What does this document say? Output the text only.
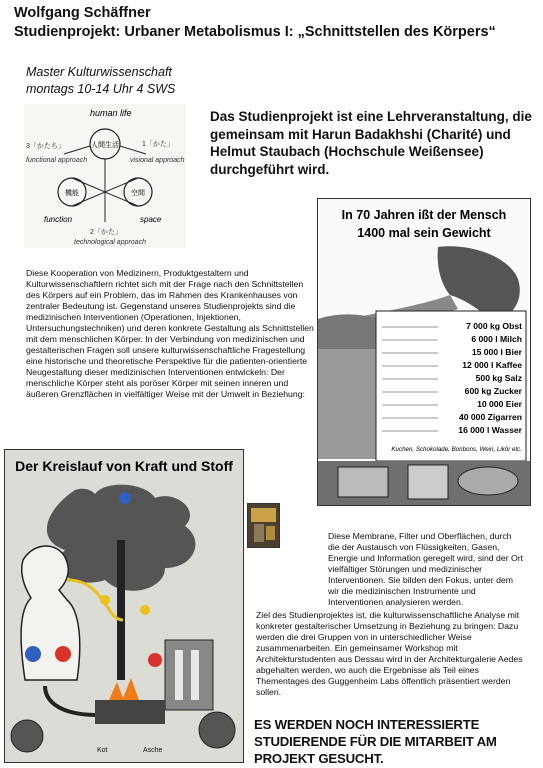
Wolfgang Schäffner
Studienprojekt: Urbaner Metabolismus I: „Schnittstellen des Körpers“
Master Kulturwissenschaft
montags 10-14 Uhr 4 SWS
human life
人間生活
機能	空間
3「かたち」
functional approach
1「かた」
visional approach
function	space
2「かた」
technological approach
Das Studienprojekt ist eine Lehrveranstaltung, die gemeinsam mit Harun Badakhshi (Charité) und Helmut Staubach (Hochschule Weißensee) durchgeführt wird.
In 70 Jahren ißt der Mensch
1400 mal sein Gewicht
7 000 kg Obst
6 000 l Milch
15 000 l Bier
12 000 l Kaffee
500 kg Salz
600 kg Zucker
10 000 Eier
40 000 Zigarren
16 000 l Wasser
Kuchen, Schokolade, Bonbons, Wein, Likör etc.
Diese Kooperation von Medizinern, Produktgestaltern und Kulturwissenschaftlern richtet sich mit der Frage nach den Schnittstellen des Körpers auf ein Problem, das im Rahmen des Krankenhauses von zentraler Bedeutung ist. Gegenstand unseres Studienprojekts sind die medizinischen Interventionen (Operationen, Injektionen, Untersuchungstechniken) und deren konkrete Gestaltung als Schnittstellen mit dem menschlichen Körper. In der Verbindung von medizinischen und gestalterischen Fragen soll unsere kulturwissenschaftliche Fragestellung eine historische und theoretische Perspektive für die patienten-orientierte Neugestaltung dieser medizinischen Interventionen entwickeln: Der menschliche Körper steht als poröser Körper mit seinen inneren und äußeren Grenzflächen in vielfältiger Weise mit der Umwelt in Beziehung:
Der Kreislauf von Kraft und Stoff
Kot	Asche
Diese Membrane, Filter und Oberflächen, durch die der Austausch von Flüssigkeiten, Gasen, Energie und Information geregelt wird, sind der Ort vielfältiger Störungen und medizinischer Interventionen. Sie bilden den Fokus, unter dem wir die medizinischen Instrumente und Interventionen analysieren werden.
Ziel des Studienprojektes ist, die kulturwissenschaftliche Analyse mit konkreter gestalterischer Umsetzung in Beziehung zu bringen: Dazu werden die drei Gruppen von in unterschiedlicher Weise zusammenarbeiten. Ein gemeinsamer Workshop mit Architekturstudenten aus Dessau wird in der Architekturgalerie Aedes abgehalten werden, wo auch die Ergebnisse als Teil eines Thementages des Guggenheim Labs öffentlich präsentiert werden sollen.
ES WERDEN NOCH INTERESSIERTE STUDIERENDE FÜR DIE MITARBEIT AM PROJEKT GESUCHT.
